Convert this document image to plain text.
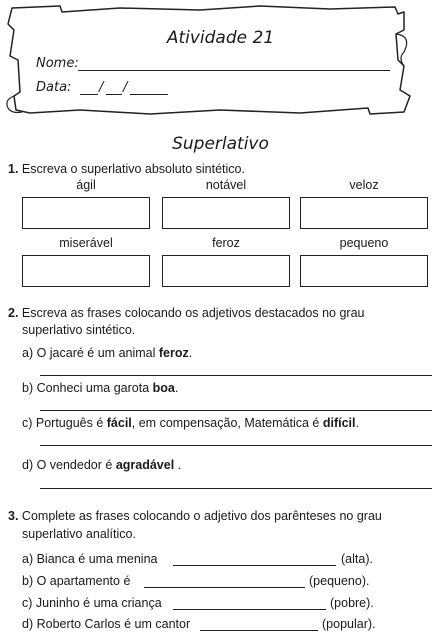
Atividade 21
Nome:
Data: / /
Superlativo
1. Escreva o superlativo absoluto sintético.
ágil	notável	veloz
miserável	feroz	pequeno
2. Escreva as frases colocando os adjetivos destacados no grau
superlativo sintético.
a) O jacaré é um animal feroz.
b) Conheci uma garota boa.
c) Português é fácil, em compensação, Matemática é difícil.
d) O vendedor é agradável .
3. Complete as frases colocando o adjetivo dos parênteses no grau
superlativo analítico.
a) Bianca é uma menina	(alta).
b) O apartamento é	(pequeno).
c) Juninho é uma criança	(pobre).
d) Roberto Carlos é um cantor	(popular).
